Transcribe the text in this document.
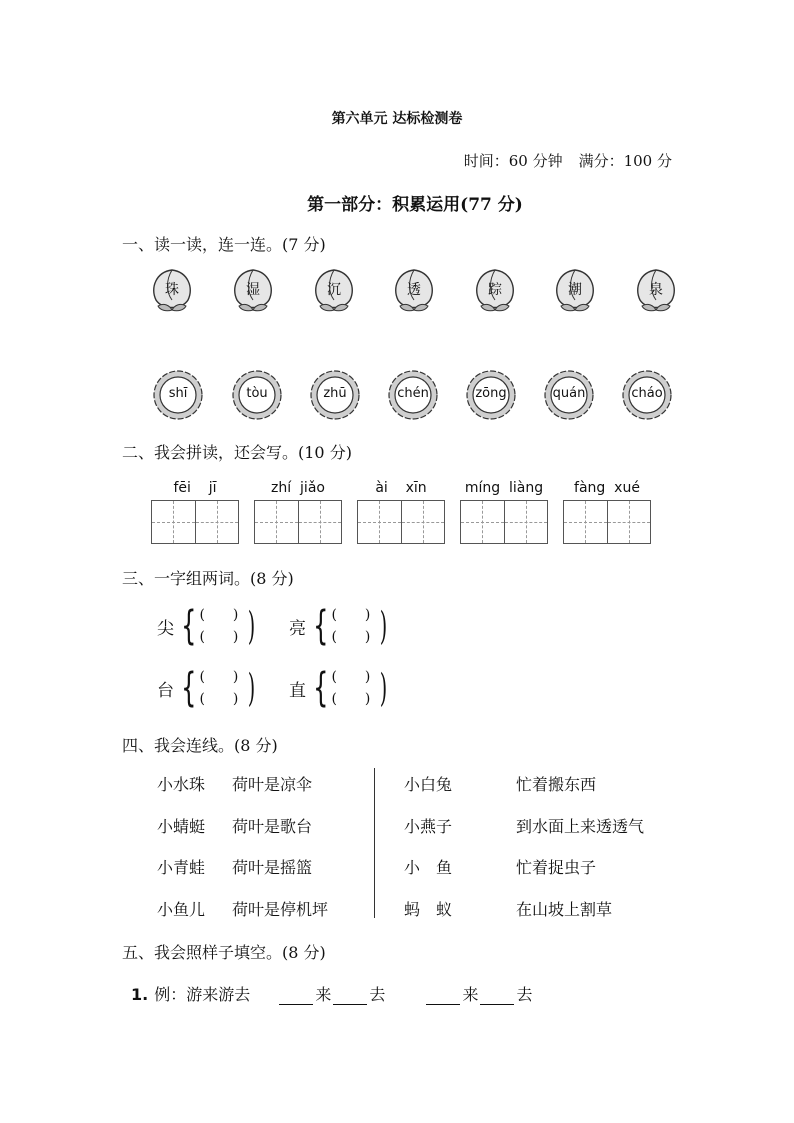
第六单元 达标检测卷
时间：60 分钟 满分：100 分
第一部分：积累运用(77 分)
一、读一读，连一连。(7 分)
珠	湿	沉	透	踪	潮	泉
shī	tòu	zhū	chén	zōng	quán	cháo
二、我会拼读，还会写。(10 分)
fēi    jī	zhí  jiǎo	ài    xīn	míng  liàng	fàng  xué
三、一字组两词。(8 分)
尖 { (　　)
(　　) ) 亮 { (　　)
(　　) )
台 { (　　)
(　　) ) 直 { (　　)
(　　) )
四、我会连线。(8 分)
小水珠 荷叶是凉伞
小蜻蜓 荷叶是歌台
小青蛙 荷叶是摇篮
小鱼儿 荷叶是停机坪
小白兔	忙着搬东西
小燕子	到水面上来透透气
小　鱼	忙着捉虫子
蚂　蚁	在山坡上割草
五、我会照样子填空。(8 分)
1. 例：游来游去	来 去	来 去
